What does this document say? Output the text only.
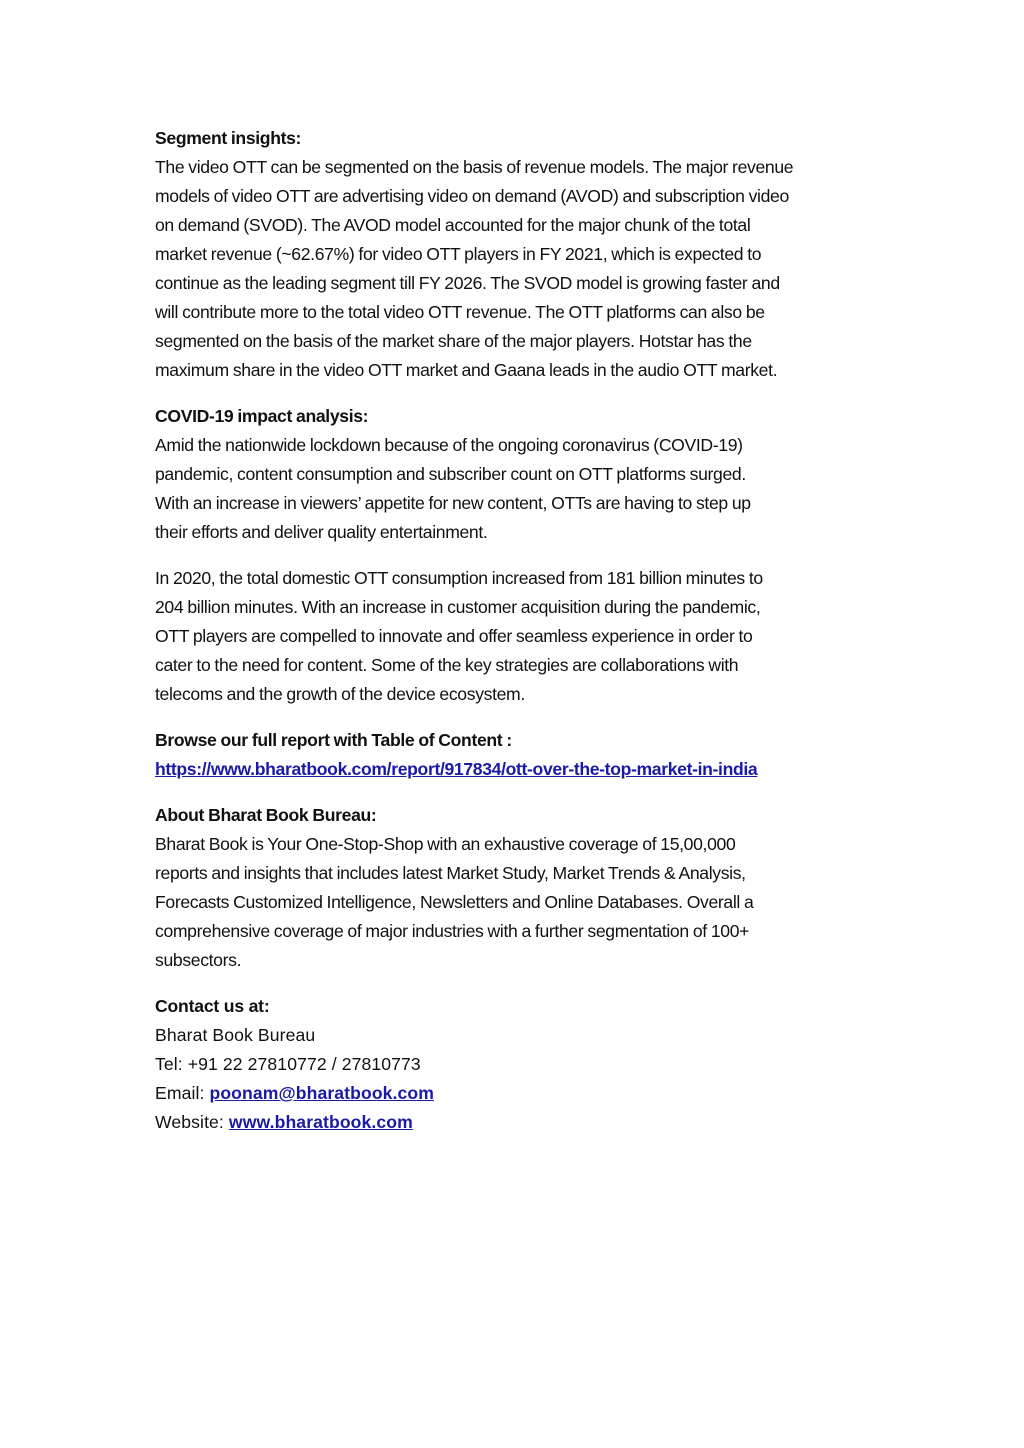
Segment insights:
The video OTT can be segmented on the basis of revenue models. The major revenue
models of video OTT are advertising video on demand (AVOD) and subscription video
on demand (SVOD). The AVOD model accounted for the major chunk of the total
market revenue (~62.67%) for video OTT players in FY 2021, which is expected to
continue as the leading segment till FY 2026. The SVOD model is growing faster and
will contribute more to the total video OTT revenue. The OTT platforms can also be
segmented on the basis of the market share of the major players. Hotstar has the
maximum share in the video OTT market and Gaana leads in the audio OTT market.
COVID-19 impact analysis:
Amid the nationwide lockdown because of the ongoing coronavirus (COVID-19)
pandemic, content consumption and subscriber count on OTT platforms surged.
With an increase in viewers’ appetite for new content, OTTs are having to step up
their efforts and deliver quality entertainment.
In 2020, the total domestic OTT consumption increased from 181 billion minutes to
204 billion minutes. With an increase in customer acquisition during the pandemic,
OTT players are compelled to innovate and offer seamless experience in order to
cater to the need for content. Some of the key strategies are collaborations with
telecoms and the growth of the device ecosystem.
Browse our full report with Table of Content :
https://www.bharatbook.com/report/917834/ott-over-the-top-market-in-india
About Bharat Book Bureau:
Bharat Book is Your One-Stop-Shop with an exhaustive coverage of 15,00,000
reports and insights that includes latest Market Study, Market Trends & Analysis,
Forecasts Customized Intelligence, Newsletters and Online Databases. Overall a
comprehensive coverage of major industries with a further segmentation of 100+
subsectors.
Contact us at:
Bharat Book Bureau
Tel: +91 22 27810772 / 27810773
Email: poonam@bharatbook.com
Website: www.bharatbook.com
